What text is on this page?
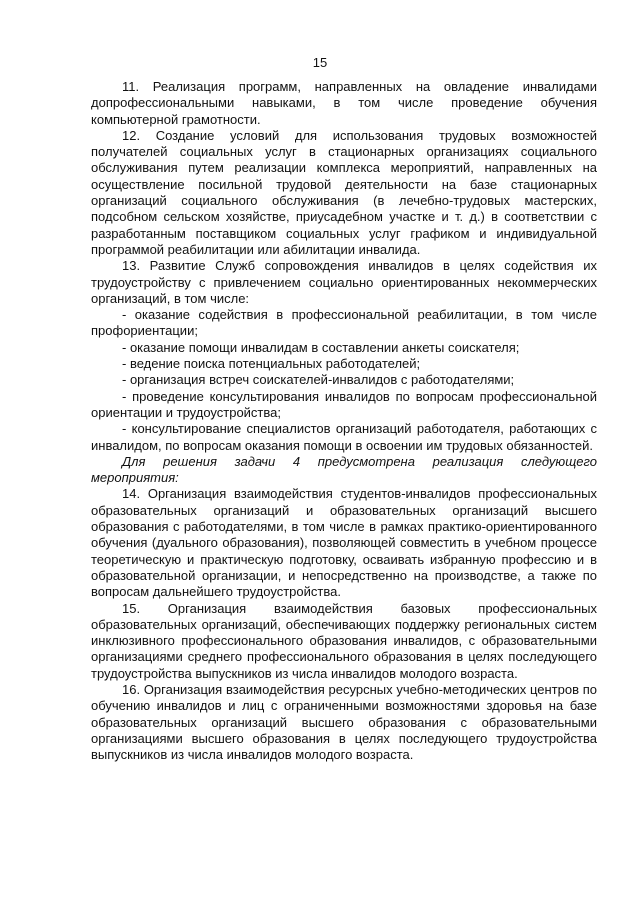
15

11. Реализация программ, направленных на овладение инвалидами допрофессиональными навыками, в том числе проведение обучения компьютерной грамотности.

12. Создание условий для использования трудовых возможностей получателей социальных услуг в стационарных организациях социального обслуживания путем реализации комплекса мероприятий, направленных на осуществление посильной трудовой деятельности на базе стационарных организаций социального обслуживания (в лечебно-трудовых мастерских, подсобном сельском хозяйстве, приусадебном участке и т. д.) в соответствии с разработанным поставщиком социальных услуг графиком и индивидуальной программой реабилитации или абилитации инвалида.

13. Развитие Служб сопровождения инвалидов в целях содействия их трудоустройству с привлечением социально ориентированных некоммерческих организаций, в том числе:

- оказание содействия в профессиональной реабилитации, в том числе профориентации;

- оказание помощи инвалидам в составлении анкеты соискателя;

- ведение поиска потенциальных работодателей;

- организация встреч соискателей-инвалидов с работодателями;

- проведение консультирования инвалидов по вопросам профессиональной ориентации и трудоустройства;

- консультирование специалистов организаций работодателя, работающих с инвалидом, по вопросам оказания помощи в освоении им трудовых обязанностей.

Для решения задачи 4 предусмотрена реализация следующего мероприятия:

14. Организация взаимодействия студентов-инвалидов профессиональных образовательных организаций и образовательных организаций высшего образования с работодателями, в том числе в рамках практико-ориентированного обучения (дуального образования), позволяющей совместить в учебном процессе теоретическую и практическую подготовку, осваивать избранную профессию и в образовательной организации, и непосредственно на производстве, а также по вопросам дальнейшего трудоустройства.

15. Организация взаимодействия базовых профессиональных образовательных организаций, обеспечивающих поддержку региональных систем инклюзивного профессионального образования инвалидов, с образовательными организациями среднего профессионального образования в целях последующего трудоустройства выпускников из числа инвалидов молодого возраста.

16. Организация взаимодействия ресурсных учебно-методических центров по обучению инвалидов и лиц с ограниченными возможностями здоровья на базе образовательных организаций высшего образования с образовательными организациями высшего образования в целях последующего трудоустройства выпускников из числа инвалидов молодого возраста.
